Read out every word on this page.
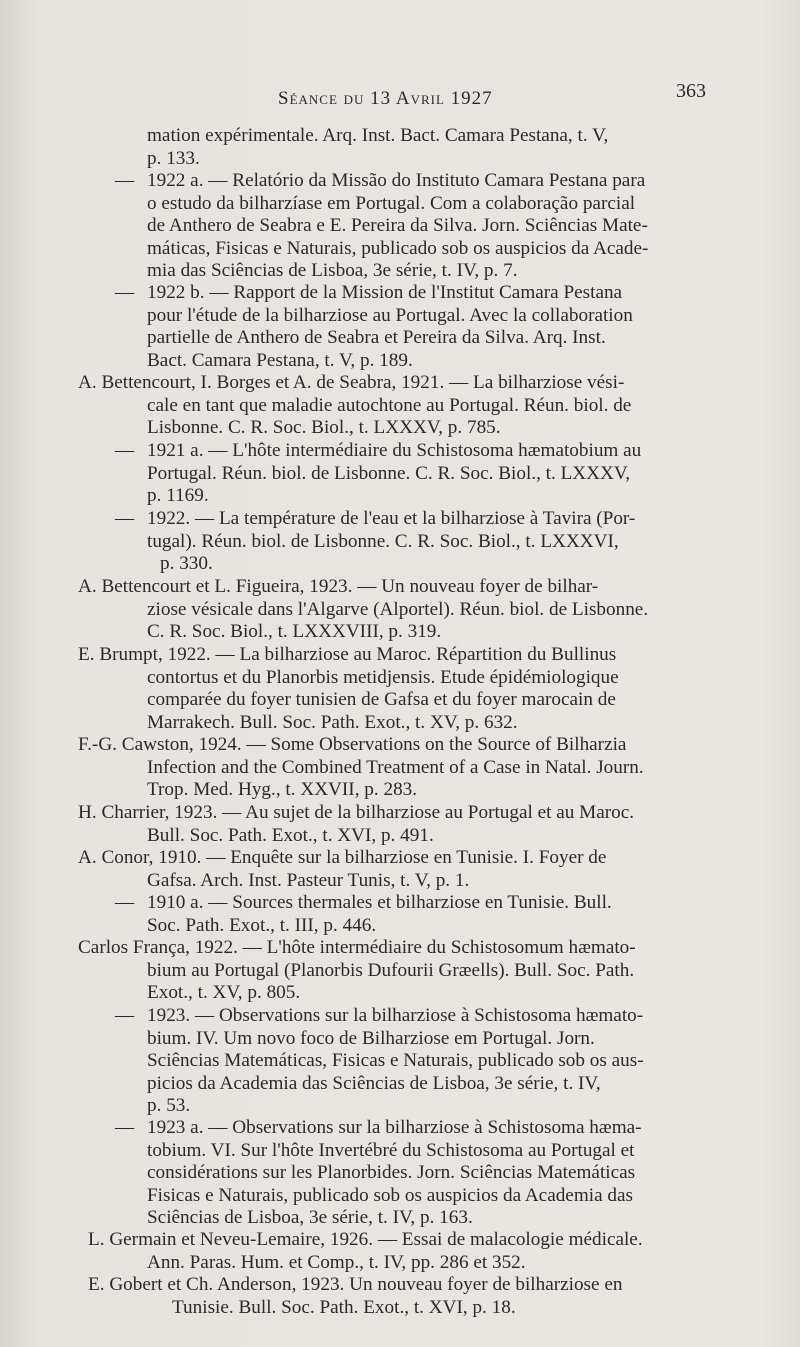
Séance du 13 Avril 1927	363
mation expérimentale. Arq. Inst. Bact. Camara Pestana, t. V,
p. 133.
— 1922 a. — Relatório da Missão do Instituto Camara Pestana para
o estudo da bilharzíase em Portugal. Com a colaboração parcial
de Anthero de Seabra e E. Pereira da Silva. Jorn. Sciências Mate-
máticas, Fisicas e Naturais, publicado sob os auspicios da Acade-
mia das Sciências de Lisboa, 3e série, t. IV, p. 7.
— 1922 b. — Rapport de la Mission de l'Institut Camara Pestana
pour l'étude de la bilharziose au Portugal. Avec la collaboration
partielle de Anthero de Seabra et Pereira da Silva. Arq. Inst.
Bact. Camara Pestana, t. V, p. 189.
A. Bettencourt, I. Borges et A. de Seabra, 1921. — La bilharziose vési-
cale en tant que maladie autochtone au Portugal. Réun. biol. de
Lisbonne. C. R. Soc. Biol., t. LXXXV, p. 785.
— 1921 a. — L'hôte intermédiaire du Schistosoma hæmatobium au
Portugal. Réun. biol. de Lisbonne. C. R. Soc. Biol., t. LXXXV,
p. 1169.
— 1922. — La température de l'eau et la bilharziose à Tavira (Por-
tugal). Réun. biol. de Lisbonne. C. R. Soc. Biol., t. LXXXVI,
p. 330.
A. Bettencourt et L. Figueira, 1923. — Un nouveau foyer de bilhar-
ziose vésicale dans l'Algarve (Alportel). Réun. biol. de Lisbonne.
C. R. Soc. Biol., t. LXXXVIII, p. 319.
E. Brumpt, 1922. — La bilharziose au Maroc. Répartition du Bullinus
contortus et du Planorbis metidjensis. Etude épidémiologique
comparée du foyer tunisien de Gafsa et du foyer marocain de
Marrakech. Bull. Soc. Path. Exot., t. XV, p. 632.
F.-G. Cawston, 1924. — Some Observations on the Source of Bilharzia
Infection and the Combined Treatment of a Case in Natal. Journ.
Trop. Med. Hyg., t. XXVII, p. 283.
H. Charrier, 1923. — Au sujet de la bilharziose au Portugal et au Maroc.
Bull. Soc. Path. Exot., t. XVI, p. 491.
A. Conor, 1910. — Enquête sur la bilharziose en Tunisie. I. Foyer de
Gafsa. Arch. Inst. Pasteur Tunis, t. V, p. 1.
— 1910 a. — Sources thermales et bilharziose en Tunisie. Bull.
Soc. Path. Exot., t. III, p. 446.
Carlos França, 1922. — L'hôte intermédiaire du Schistosomum hæmato-
bium au Portugal (Planorbis Dufourii Græells). Bull. Soc. Path.
Exot., t. XV, p. 805.
— 1923. — Observations sur la bilharziose à Schistosoma hæmato-
bium. IV. Um novo foco de Bilharziose em Portugal. Jorn.
Sciências Matemáticas, Fisicas e Naturais, publicado sob os aus-
picios da Academia das Sciências de Lisboa, 3e série, t. IV,
p. 53.
— 1923 a. — Observations sur la bilharziose à Schistosoma hæma-
tobium. VI. Sur l'hôte Invertébré du Schistosoma au Portugal et
considérations sur les Planorbides. Jorn. Sciências Matemáticas
Fisicas e Naturais, publicado sob os auspicios da Academia das
Sciências de Lisboa, 3e série, t. IV, p. 163.
L. Germain et Neveu-Lemaire, 1926. — Essai de malacologie médicale.
Ann. Paras. Hum. et Comp., t. IV, pp. 286 et 352.
E. Gobert et Ch. Anderson, 1923. Un nouveau foyer de bilharziose en
Tunisie. Bull. Soc. Path. Exot., t. XVI, p. 18.
